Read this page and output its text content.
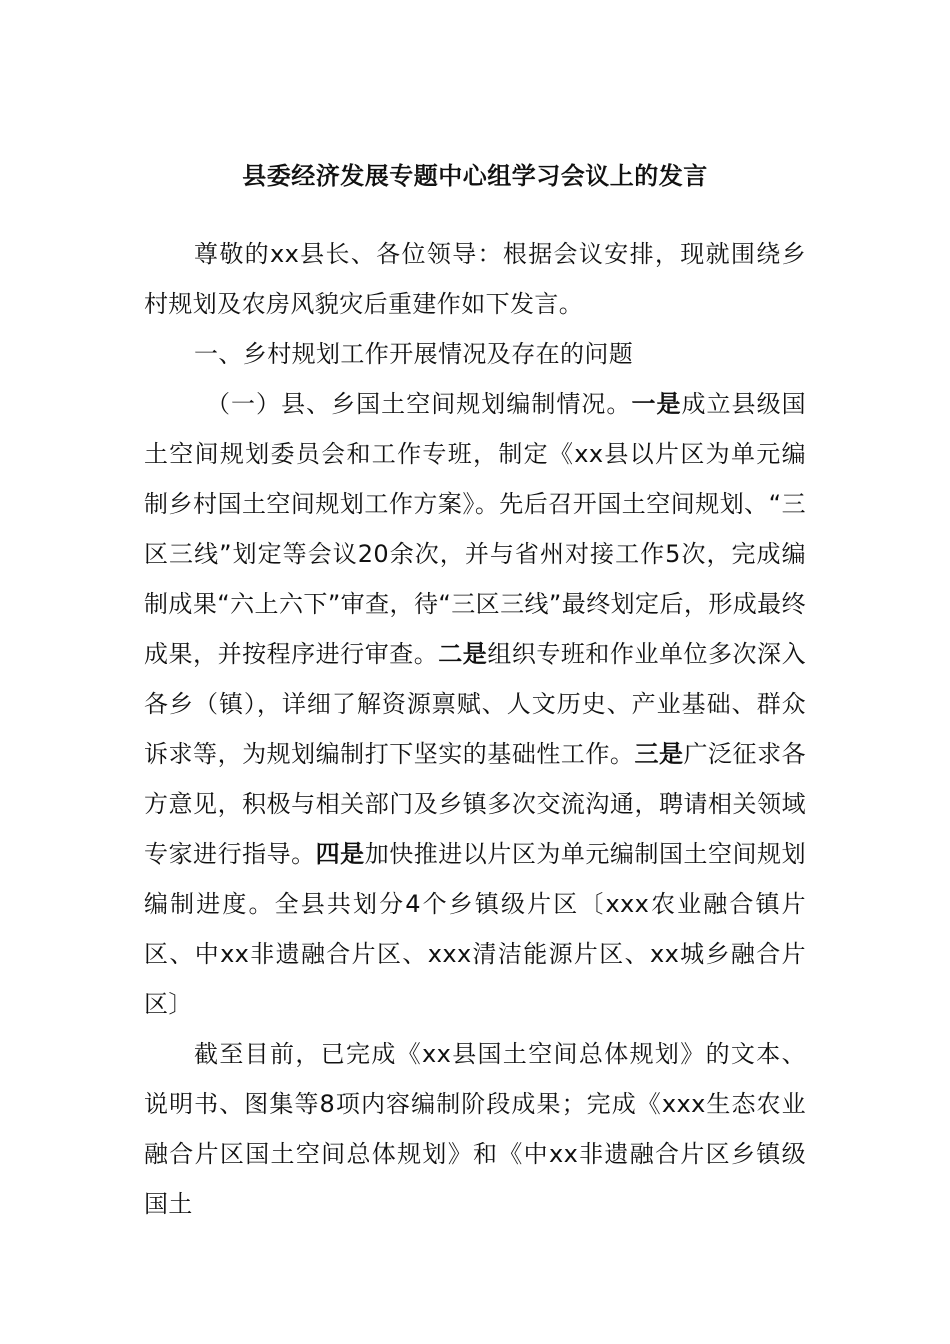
县委经济发展专题中心组学习会议上的发言

尊敬的xx县长、各位领导：根据会议安排，现就围绕乡村规划及农房风貌灾后重建作如下发言。

一、乡村规划工作开展情况及存在的问题

（一）县、乡国土空间规划编制情况。一是成立县级国土空间规划委员会和工作专班，制定《xx县以片区为单元编制乡村国土空间规划工作方案》。先后召开国土空间规划、“三区三线”划定等会议20余次，并与省州对接工作5次，完成编制成果“六上六下”审查，待“三区三线”最终划定后，形成最终成果，并按程序进行审查。二是组织专班和作业单位多次深入各乡（镇），详细了解资源禀赋、人文历史、产业基础、群众诉求等，为规划编制打下坚实的基础性工作。三是广泛征求各方意见，积极与相关部门及乡镇多次交流沟通，聘请相关领域专家进行指导。四是加快推进以片区为单元编制国土空间规划编制进度。全县共划分4个乡镇级片区〔xxx农业融合镇片区、中xx非遗融合片区、xxx清洁能源片区、xx城乡融合片区〕

截至目前，已完成《xx县国土空间总体规划》的文本、说明书、图集等8项内容编制阶段成果；完成《xxx生态农业融合片区国土空间总体规划》和《中xx非遗融合片区乡镇级国土
